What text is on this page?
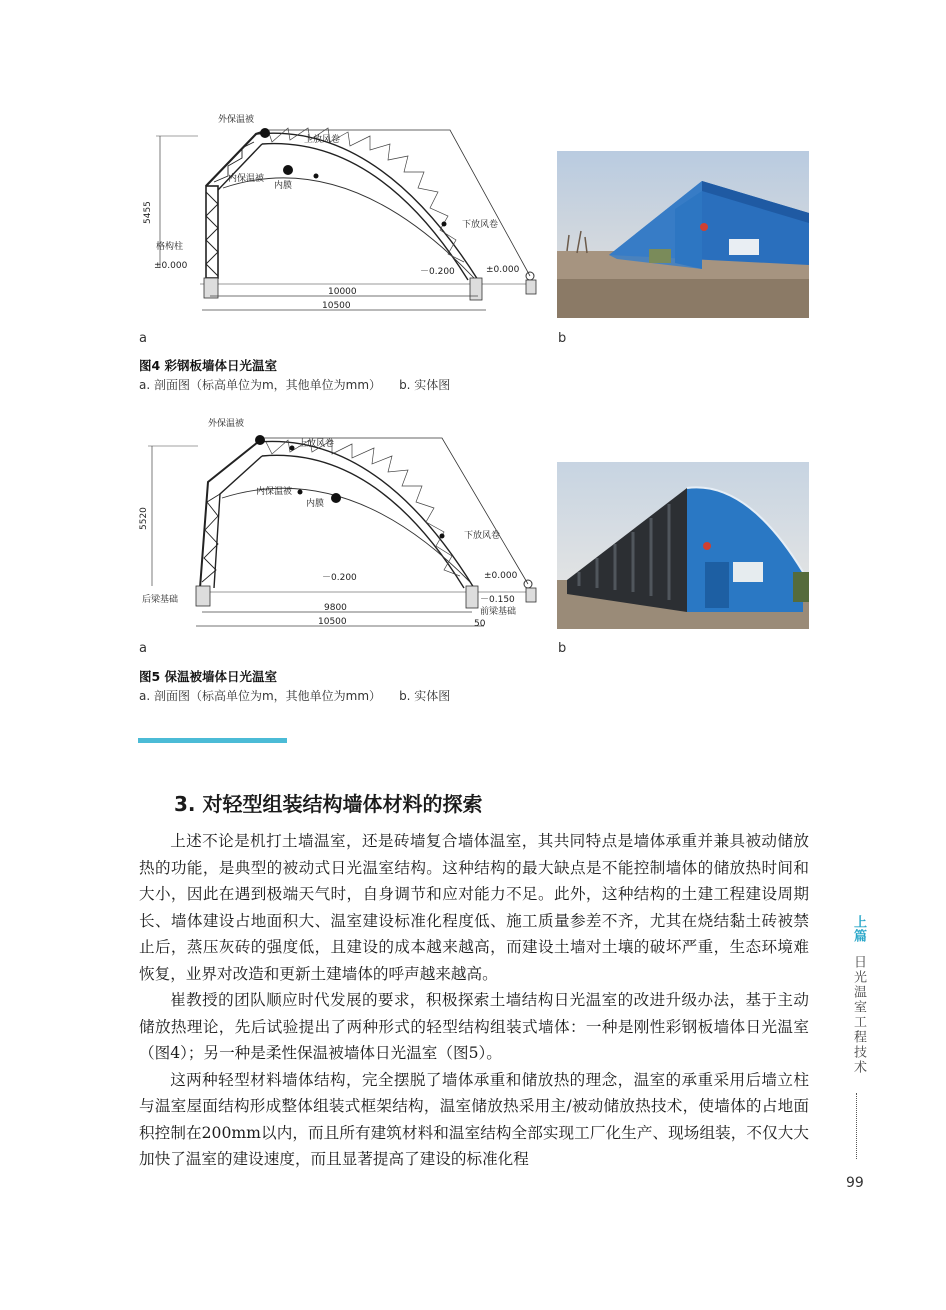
外保温被
上放风卷
内保温被
内膜
下放风卷
格构柱
5455
±0.000	±0.000
－0.200
10000
10500
a	b
图4 彩钢板墙体日光温室
a. 剖面图（标高单位为m，其他单位为mm） b. 实体图
外保温被
上放风卷
内保温被
内膜
下放风卷
5520
±0.000
－0.200
－0.150
后梁基础
前梁基础
9800
10500	50
a	b
图5 保温被墙体日光温室
a. 剖面图（标高单位为m，其他单位为mm） b. 实体图
3. 对轻型组装结构墙体材料的探索

上述不论是机打土墙温室，还是砖墙复合墙体温室，其共同特点是墙体承重并兼具被动储放热的功能，是典型的被动式日光温室结构。这种结构的最大缺点是不能控制墙体的储放热时间和大小，因此在遇到极端天气时，自身调节和应对能力不足。此外，这种结构的土建工程建设周期长、墙体建设占地面积大、温室建设标准化程度低、施工质量参差不齐，尤其在烧结黏土砖被禁止后，蒸压灰砖的强度低，且建设的成本越来越高，而建设土墙对土壤的破坏严重，生态环境难恢复，业界对改造和更新土建墙体的呼声越来越高。

崔教授的团队顺应时代发展的要求，积极探索土墙结构日光温室的改进升级办法，基于主动储放热理论，先后试验提出了两种形式的轻型结构组装式墙体：一种是刚性彩钢板墙体日光温室（图4）；另一种是柔性保温被墙体日光温室（图5）。

这两种轻型材料墙体结构，完全摆脱了墙体承重和储放热的理念，温室的承重采用后墙立柱与温室屋面结构形成整体组装式框架结构，温室储放热采用主/被动储放热技术，使墙体的占地面积控制在200mm以内，而且所有建筑材料和温室结构全部实现工厂化生产、现场组装，不仅大大加快了温室的建设速度，而且显著提高了建设的标准化程

上篇
日光温室工程技术
99
